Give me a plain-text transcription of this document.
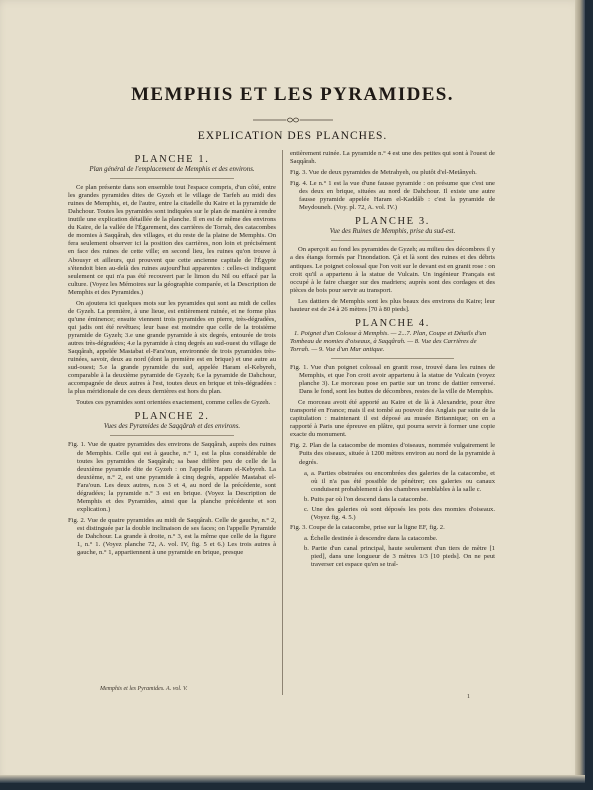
MEMPHIS ET LES PYRAMIDES.
EXPLICATION DES PLANCHES.
PLANCHE 1.
Plan général de l'emplacement de Memphis et des environs.

Ce plan présente dans son ensemble tout l'espace compris, d'un côté, entre les grandes pyramides dites de Gyzeh et le village de Tarfeh au midi des ruines de Memphis, et, de l'autre, entre la citadelle du Kaire et la pyramide de Dahchour. Toutes les pyramides sont indiquées sur le plan de manière à rendre inutile une explication détaillée de la planche. Il en est de même des environs du Kaire, de la vallée de l'Égarement, des carrières de Torrah, des catacombes de momies à Saqqârah, des villages, et du reste de la plaine de Memphis. On fera seulement observer ici la position des carrières, non loin et précisément en face des ruines de cette ville; en second lieu, les ruines qu'on trouve à Abousyr et ailleurs, qui prouvent que cette ancienne capitale de l'Égypte s'étendoit bien au-delà des ruines aujourd'hui apparentes : celles-ci indiquent seulement ce qui n'a pas été recouvert par le limon du Nil ou effacé par la culture. (Voyez les Mémoires sur la géographie comparée, et la Description de Memphis et des Pyramides.)

On ajoutera ici quelques mots sur les pyramides qui sont au midi de celles de Gyzeh. La première, à une lieue, est entièrement ruinée, et ne forme plus qu'une éminence; ensuite viennent trois pyramides en pierre, très-dégradées, qui jadis ont été revêtues; leur base est moindre que celle de la troisième pyramide de Gyzeh; 3.e une grande pyramide à six degrés, entourée de trois autres très-dégradées; 4.e la pyramide à cinq degrés au sud-ouest du village de Saqqârah, appelée Mastabat el-Fara'oun, environnée de trois pyramides très-ruinées, savoir, deux au nord (dont la première est en brique) et une autre au sud-ouest; 5.e la grande pyramide du sud, appelée Haram el-Kebyreh, comparable à la deuxième pyramide de Gyzeh; 6.e la pyramide de Dahchour, accompagnée de deux autres à l'est, toutes deux en brique et très-dégradées : la plus méridionale de ces deux dernières est hors du plan.

Toutes ces pyramides sont orientées exactement, comme celles de Gyzeh.

PLANCHE 2.
Vues des Pyramides de Saqqârah et des environs.

Fig. 1. Vue de quatre pyramides des environs de Saqqârah, auprès des ruines de Memphis. Celle qui est à gauche, n.° 1, est la plus considérable de toutes les pyramides de Saqqârah; sa base diffère peu de celle de la deuxième pyramide dite de Gyzeh : on l'appelle Haram el-Kebyreh. La deuxième, n.° 2, est une pyramide à cinq degrés, appelée Mastabat el-Fara'oun. Les deux autres, n.os 3 et 4, au nord de la précédente, sont dégradées; la pyramide n.° 3 est en brique. (Voyez la Description de Memphis et des Pyramides, ainsi que la planche précédente et son explication.)

Fig. 2. Vue de quatre pyramides au midi de Saqqârah. Celle de gauche, n.° 2, est distinguée par la double inclinaison de ses faces; on l'appelle Pyramide de Dahchour. La grande à droite, n.° 3, est la même que celle de la figure 1, n.° 1. (Voyez planche 72, A. vol. IV, fig. 5 et 6.) Les trois autres à gauche, n.° 1, appartiennent à une pyramide en brique, presque

entièrement ruinée. La pyramide n.° 4 est une des petites qui sont à l'ouest de Saqqârah.

Fig. 3. Vue de deux pyramides de Metrahyeh, ou plutôt d'el-Metânyeh.

Fig. 4. Le n.° 1 est la vue d'une fausse pyramide : on présume que c'est une des deux en brique, situées au nord de Dahchour. Il existe une autre fausse pyramide appelée Haram el-Kaddâb : c'est la pyramide de Meydouneh. (Voy. pl. 72, A. vol. IV.)

PLANCHE 3.
Vue des Ruines de Memphis, prise du sud-est.

On aperçoit au fond les pyramides de Gyzeh; au milieu des décombres il y a des étangs formés par l'inondation. Çà et là sont des ruines et des débris antiques. Le poignet colossal que l'on voit sur le devant est en granit rose : on croit qu'il a appartenu à la statue de Vulcain. Un ingénieur Français est occupé à le faire charger sur des madriers; auprès sont des cordages et des pièces de bois pour servir au transport.

Les dattiers de Memphis sont les plus beaux des environs du Kaire; leur hauteur est de 24 à 26 mètres [70 à 80 pieds].

PLANCHE 4.

1. Poignet d'un Colosse à Memphis. — 2...7. Plan, Coupe et Détails d'un Tombeau de momies d'oiseaux, à Saqqârah. — 8. Vue des Carrières de Torrah. — 9. Vue d'un Mur antique.

Fig. 1. Vue d'un poignet colossal en granit rose, trouvé dans les ruines de Memphis, et que l'on croit avoir appartenu à la statue de Vulcain (voyez planche 3). Le morceau pose en partie sur un tronc de dattier renversé. Dans le fond, sont les buttes de décombres, restes de la ville de Memphis.

Ce morceau avoit été apporté au Kaire et de là à Alexandrie, pour être transporté en France; mais il est tombé au pouvoir des Anglais par suite de la capitulation : maintenant il est déposé au musée Britannique; on en a rapporté à Paris une épreuve en plâtre, qui pourra servir à former une copie exacte du monument.

Fig. 2. Plan de la catacombe de momies d'oiseaux, nommée vulgairement le Puits des oiseaux, située à 1200 mètres environ au nord de la pyramide à degrés.

a, a. Parties obstruées ou encombrées des galeries de la catacombe, et où il n'a pas été possible de pénétrer; ces galeries ou canaux conduisent probablement à des chambres semblables à la salle c.

b. Puits par où l'on descend dans la catacombe.

c. Une des galeries où sont déposés les pots des momies d'oiseaux. (Voyez fig. 4. 5.)

Fig. 3. Coupe de la catacombe, prise sur la ligne EF, fig. 2.

a. Échelle destinée à descendre dans la catacombe.

b. Partie d'un canal principal, haute seulement d'un tiers de mètre [1 pied], dans une longueur de 3 mètres 1/3 [10 pieds]. On ne peut traverser cet espace qu'en se traî-

Memphis et les Pyramides. A. vol. V.
1
